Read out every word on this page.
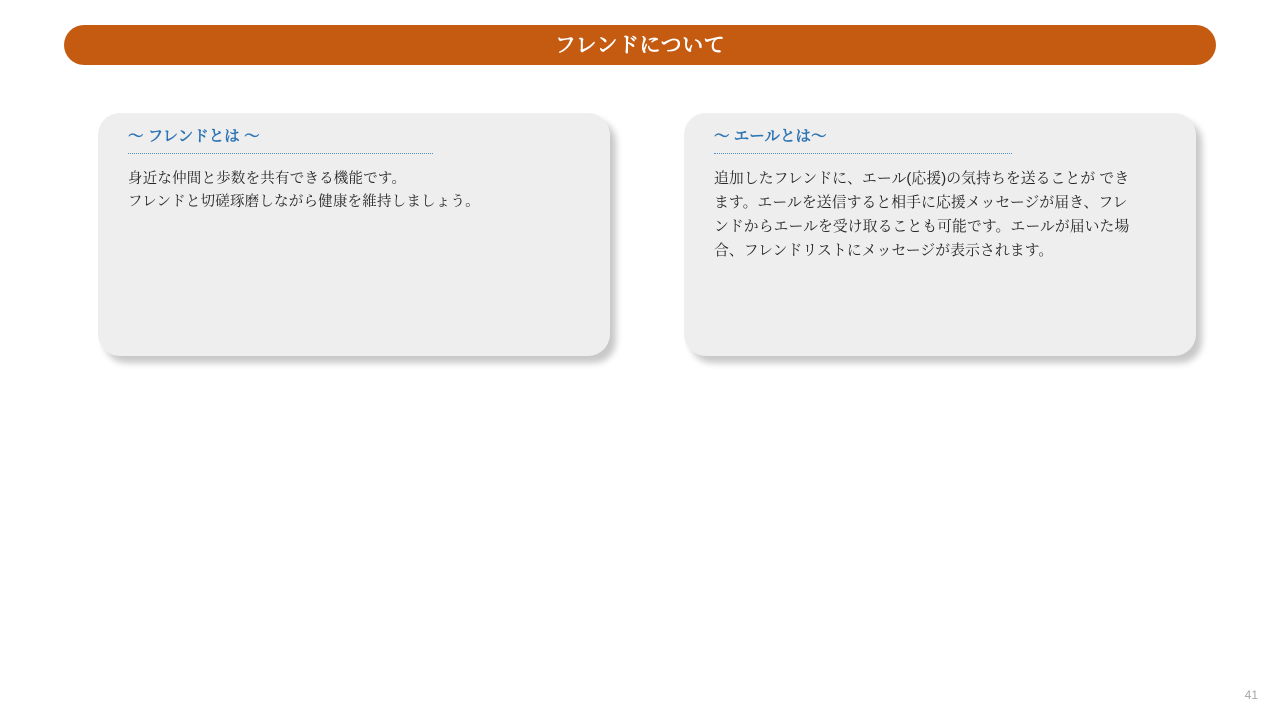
フレンドについて
～ フレンドとは ～

身近な仲間と歩数を共有できる機能です。

フレンドと切磋琢磨しながら健康を維持しましょう。

～ エールとは～

追加したフレンドに、エール(応援)の気持ちを送ることが でき

ます。エールを送信すると相手に応援メッセージが届き、フレ

ンドからエールを受け取ることも可能です。エールが届いた場

合、フレンドリストにメッセージが表示されます。

41
